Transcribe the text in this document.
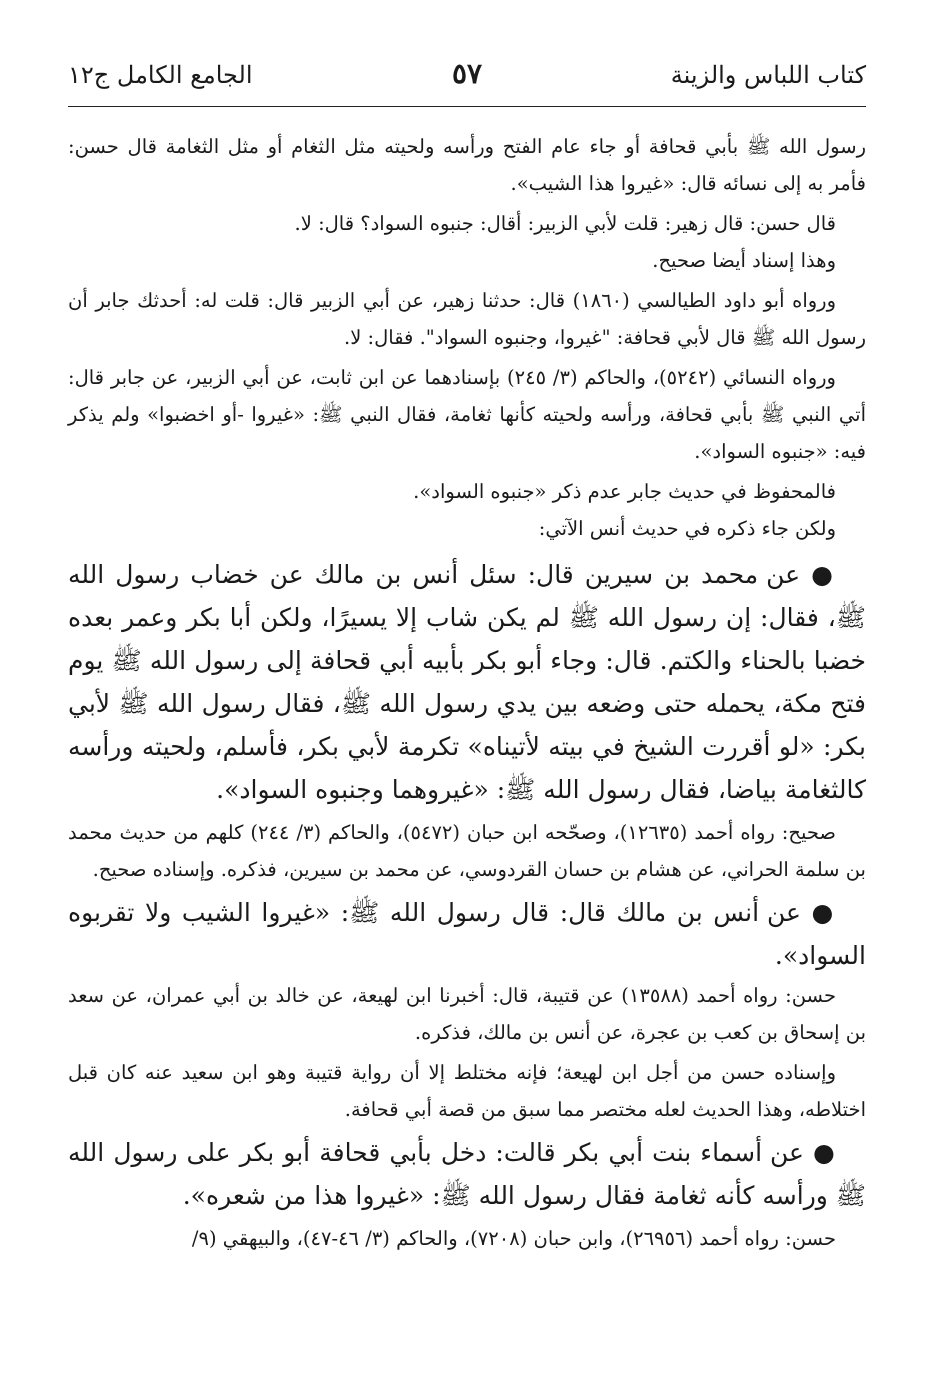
كتاب اللباس والزينة
٥٧
الجامع الكامل ج١٢

رسول الله ﷺ بأبي قحافة أو جاء عام الفتح ورأسه ولحيته مثل الثغام أو مثل الثغامة قال حسن: فأمر به إلى نسائه قال: «غيروا هذا الشيب».

قال حسن: قال زهير: قلت لأبي الزبير: أقال: جنبوه السواد؟ قال: لا.

وهذا إسناد أيضا صحيح.

ورواه أبو داود الطيالسي (١٨٦٠) قال: حدثنا زهير، عن أبي الزبير قال: قلت له: أحدثك جابر أن رسول الله ﷺ قال لأبي قحافة: "غيروا، وجنبوه السواد". فقال: لا.

ورواه النسائي (٥٢٤٢)، والحاكم (٣/ ٢٤٥) بإسنادهما عن ابن ثابت، عن أبي الزبير، عن جابر قال: أتي النبي ﷺ بأبي قحافة، ورأسه ولحيته كأنها ثغامة، فقال النبي ﷺ: «غيروا -أو اخضبوا» ولم يذكر فيه: «جنبوه السواد».

فالمحفوظ في حديث جابر عدم ذكر «جنبوه السواد».

ولكن جاء ذكره في حديث أنس الآتي:

● عن محمد بن سيرين قال: سئل أنس بن مالك عن خضاب رسول الله ﷺ، فقال: إن رسول الله ﷺ لم يكن شاب إلا يسيرًا، ولكن أبا بكر وعمر بعده خضبا بالحناء والكتم. قال: وجاء أبو بكر بأبيه أبي قحافة إلى رسول الله ﷺ يوم فتح مكة، يحمله حتى وضعه بين يدي رسول الله ﷺ، فقال رسول الله ﷺ لأبي بكر: «لو أقررت الشيخ في بيته لأتيناه» تكرمة لأبي بكر، فأسلم، ولحيته ورأسه كالثغامة بياضا، فقال رسول الله ﷺ: «غيروهما وجنبوه السواد».

صحيح: رواه أحمد (١٢٦٣٥)، وصحّحه ابن حبان (٥٤٧٢)، والحاكم (٣/ ٢٤٤) كلهم من حديث محمد بن سلمة الحراني، عن هشام بن حسان القردوسي، عن محمد بن سيرين، فذكره. وإسناده صحيح.

● عن أنس بن مالك قال: قال رسول الله ﷺ: «غيروا الشيب ولا تقربوه السواد».

حسن: رواه أحمد (١٣٥٨٨) عن قتيبة، قال: أخبرنا ابن لهيعة، عن خالد بن أبي عمران، عن سعد بن إسحاق بن كعب بن عجرة، عن أنس بن مالك، فذكره.

وإسناده حسن من أجل ابن لهيعة؛ فإنه مختلط إلا أن رواية قتيبة وهو ابن سعيد عنه كان قبل اختلاطه، وهذا الحديث لعله مختصر مما سبق من قصة أبي قحافة.

● عن أسماء بنت أبي بكر قالت: دخل بأبي قحافة أبو بكر على رسول الله ﷺ ورأسه كأنه ثغامة فقال رسول الله ﷺ: «غيروا هذا من شعره».

حسن: رواه أحمد (٢٦٩٥٦)، وابن حبان (٧٢٠٨)، والحاكم (٣/ ٤٦-٤٧)، والبيهقي (٩/
